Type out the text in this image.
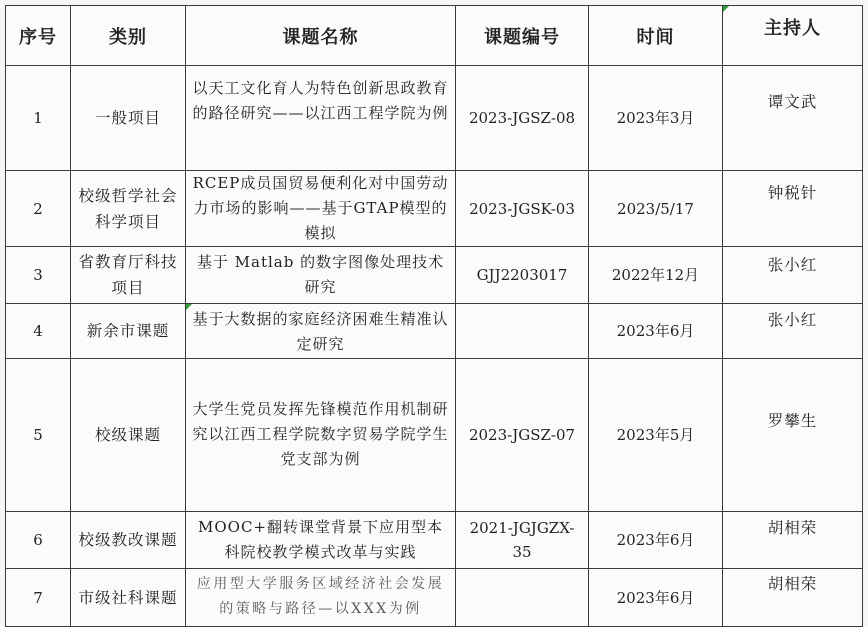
序号	类别	课题名称	课题编号	时间	主持人
1	一般项目	以天工文化育人为特色创新思政教育的路径研究——以江西工程学院为例	2023-JGSZ-08	2023年3月	谭文武
2	校级哲学社会科学项目	RCEP成员国贸易便利化对中国劳动力市场的影响——基于GTAP模型的模拟	2023-JGSK-03	2023/5/17	钟税针
3	省教育厅科技项目	基于 Matlab 的数字图像处理技术研究	GJJ2203017	2022年12月	张小红
4	新余市课题	基于大数据的家庭经济困难生精准认定研究		2023年6月	张小红
5	校级课题	大学生党员发挥先锋模范作用机制研究以江西工程学院数字贸易学院学生党支部为例	2023-JGSZ-07	2023年5月	罗攀生
6	校级教改课题	MOOC+翻转课堂背景下应用型本科院校教学模式改革与实践	2021-JGJGZX-35	2023年6月	胡相荣
7	市级社科课题	应用型大学服务区域经济社会发展的策略与路径—以XXX为例		2023年6月	胡相荣
